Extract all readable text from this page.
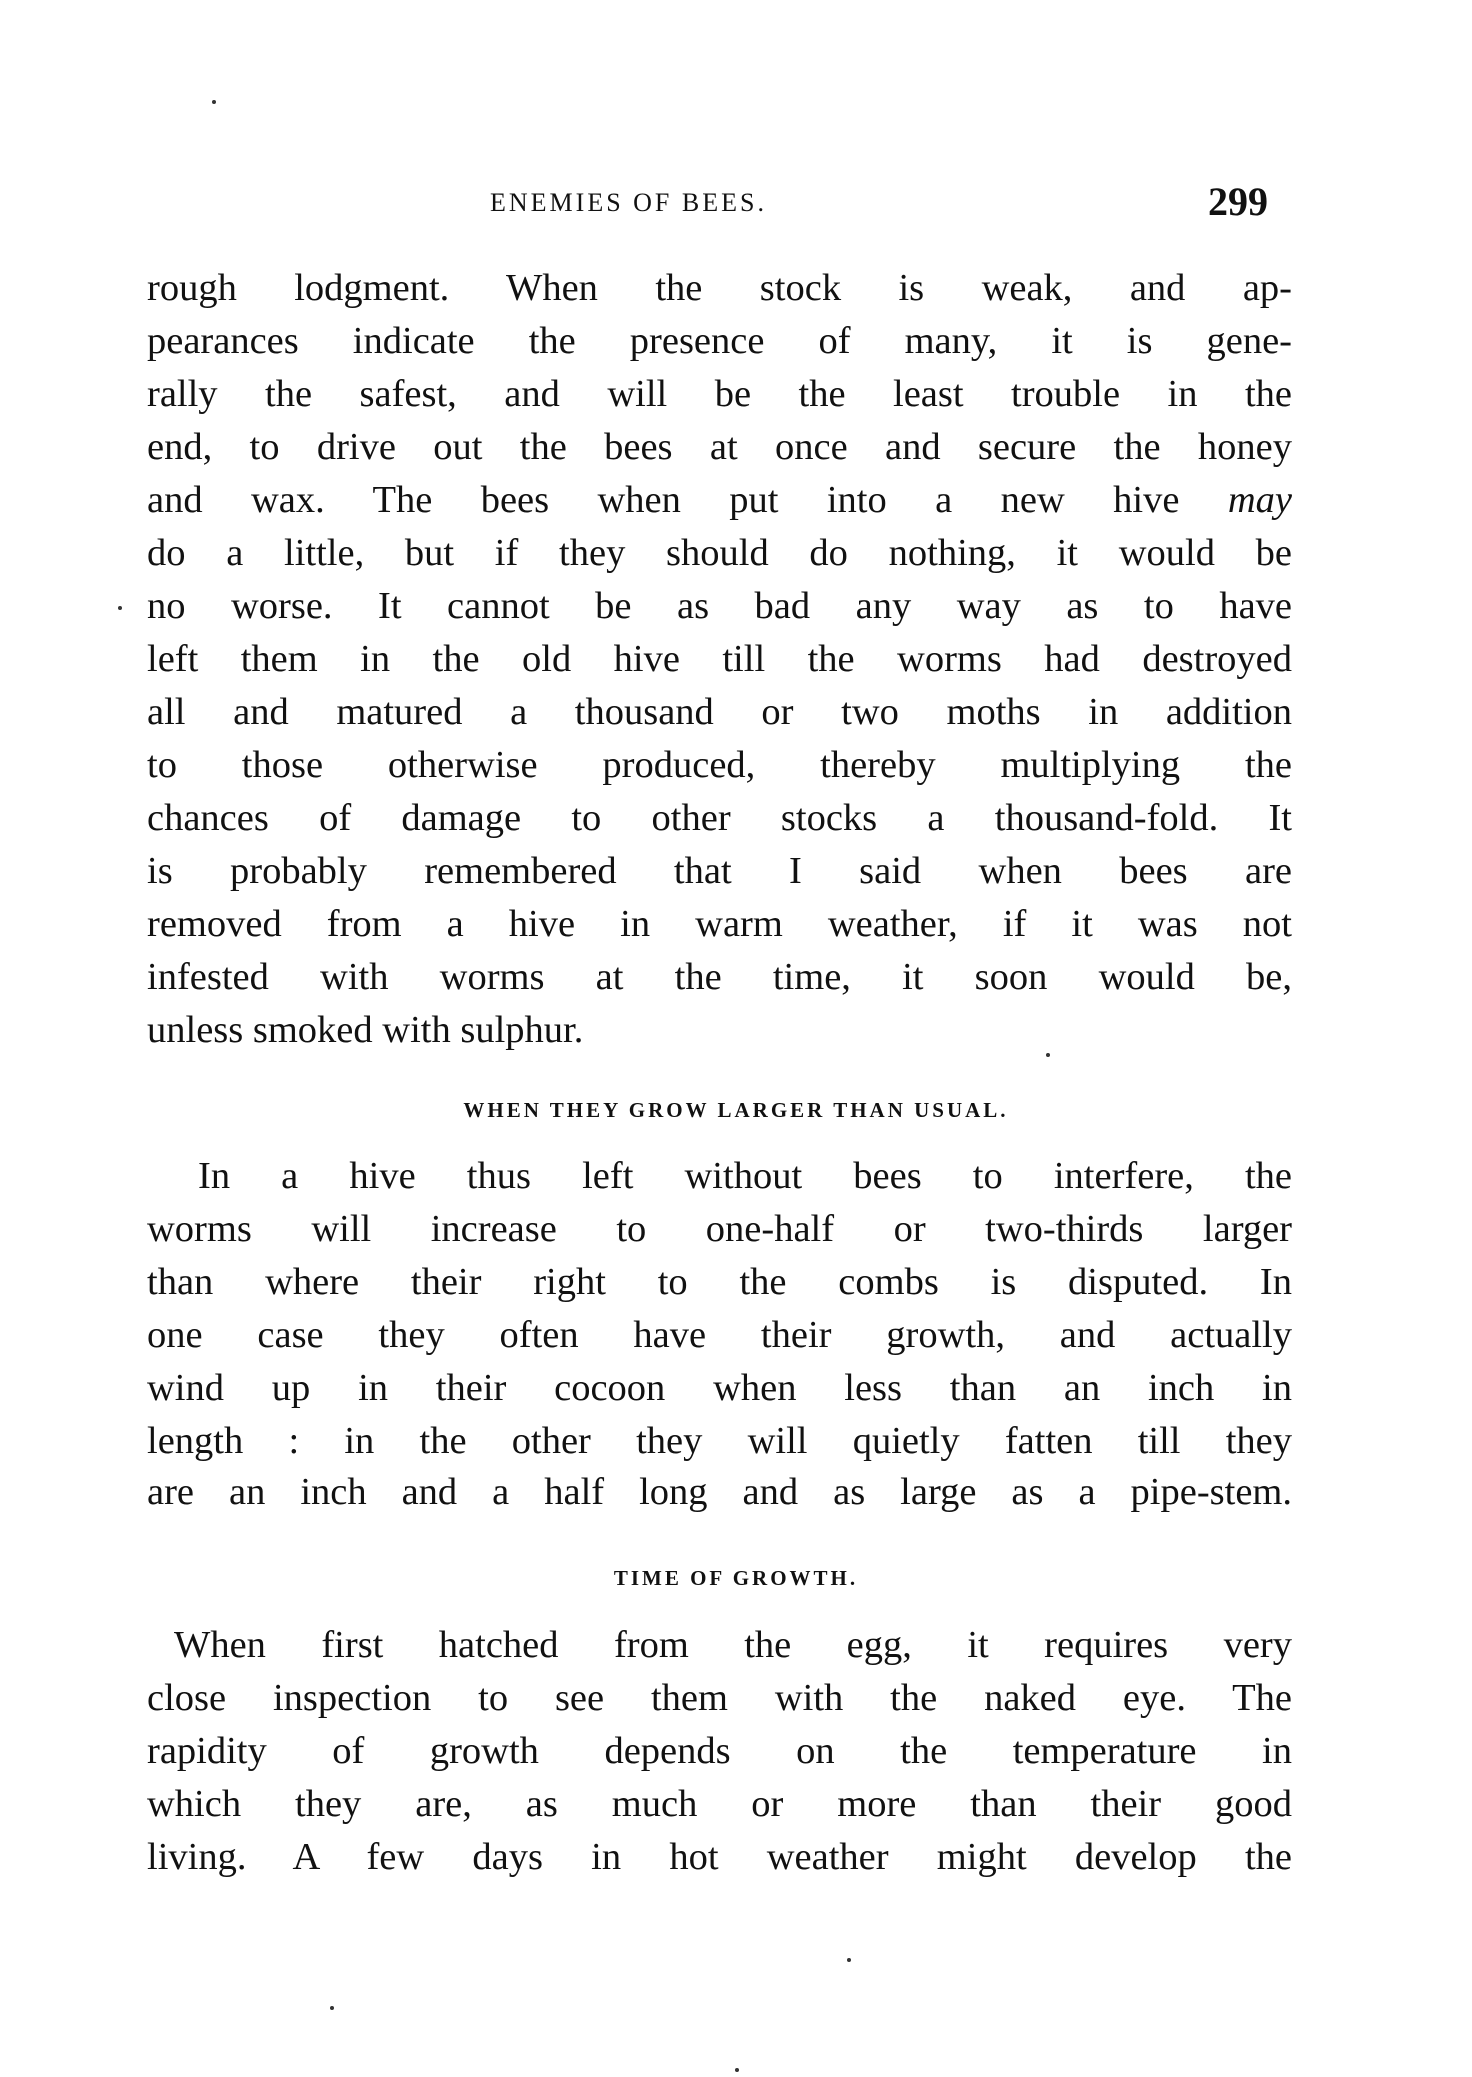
ENEMIES OF BEES.	299
rough lodgment. When the stock is weak, and ap-
pearances indicate the presence of many, it is gene-
rally the safest, and will be the least trouble in the
end, to drive out the bees at once and secure the honey
and wax. The bees when put into a new hive may
do a little, but if they should do nothing, it would be
no worse. It cannot be as bad any way as to have
left them in the old hive till the worms had destroyed
all and matured a thousand or two moths in addition
to those otherwise produced, thereby multiplying the
chances of damage to other stocks a thousand-fold. It
is probably remembered that I said when bees are
removed from a hive in warm weather, if it was not
infested with worms at the time, it soon would be,
unless smoked with sulphur.
WHEN THEY GROW LARGER THAN USUAL.
In a hive thus left without bees to interfere, the
worms will increase to one-half or two-thirds larger
than where their right to the combs is disputed. In
one case they often have their growth, and actually
wind up in their cocoon when less than an inch in
length : in the other they will quietly fatten till they
are an inch and a half long and as large as a pipe-stem.
TIME OF GROWTH.
When first hatched from the egg, it requires very
close inspection to see them with the naked eye. The
rapidity of growth depends on the temperature in
which they are, as much or more than their good
living. A few days in hot weather might develop the
